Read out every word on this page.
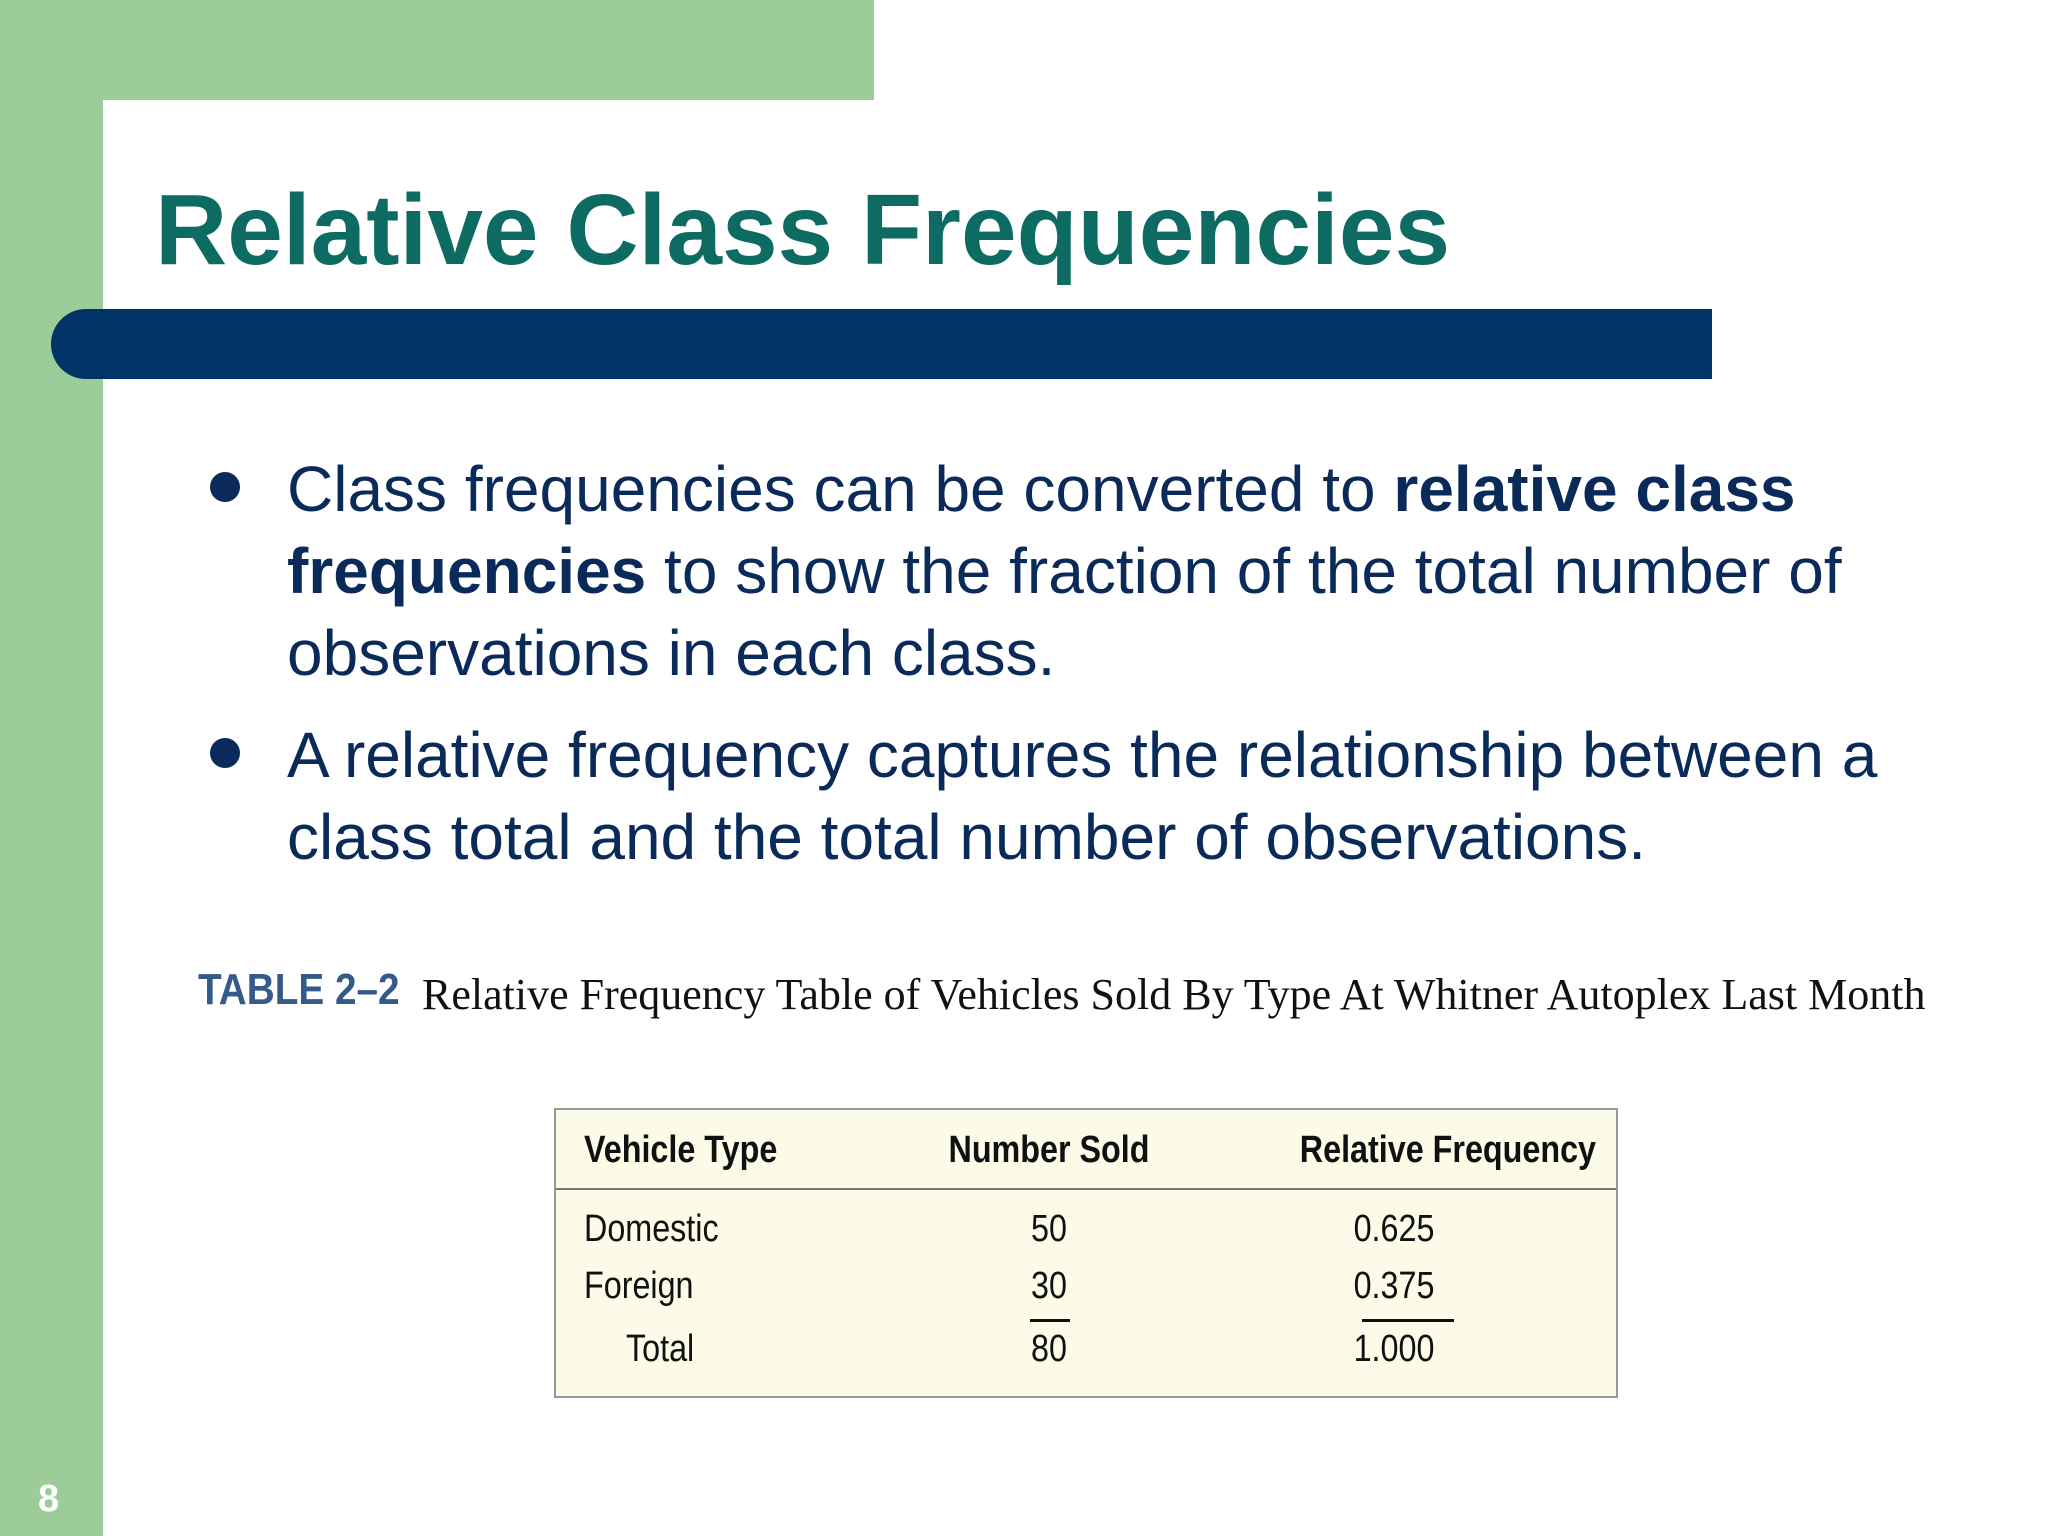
Relative Class Frequencies
Class frequencies can be converted to relative class frequencies to show the fraction of the total number of observations in each class.
A relative frequency captures the relationship between a class total and the total number of observations.
TABLE 2–2 Relative Frequency Table of Vehicles Sold By Type At Whitner Autoplex Last Month
Vehicle Type	Number Sold	Relative Frequency
Domestic	50	0.625
Foreign	30	0.375
Total	80	1.000
8
